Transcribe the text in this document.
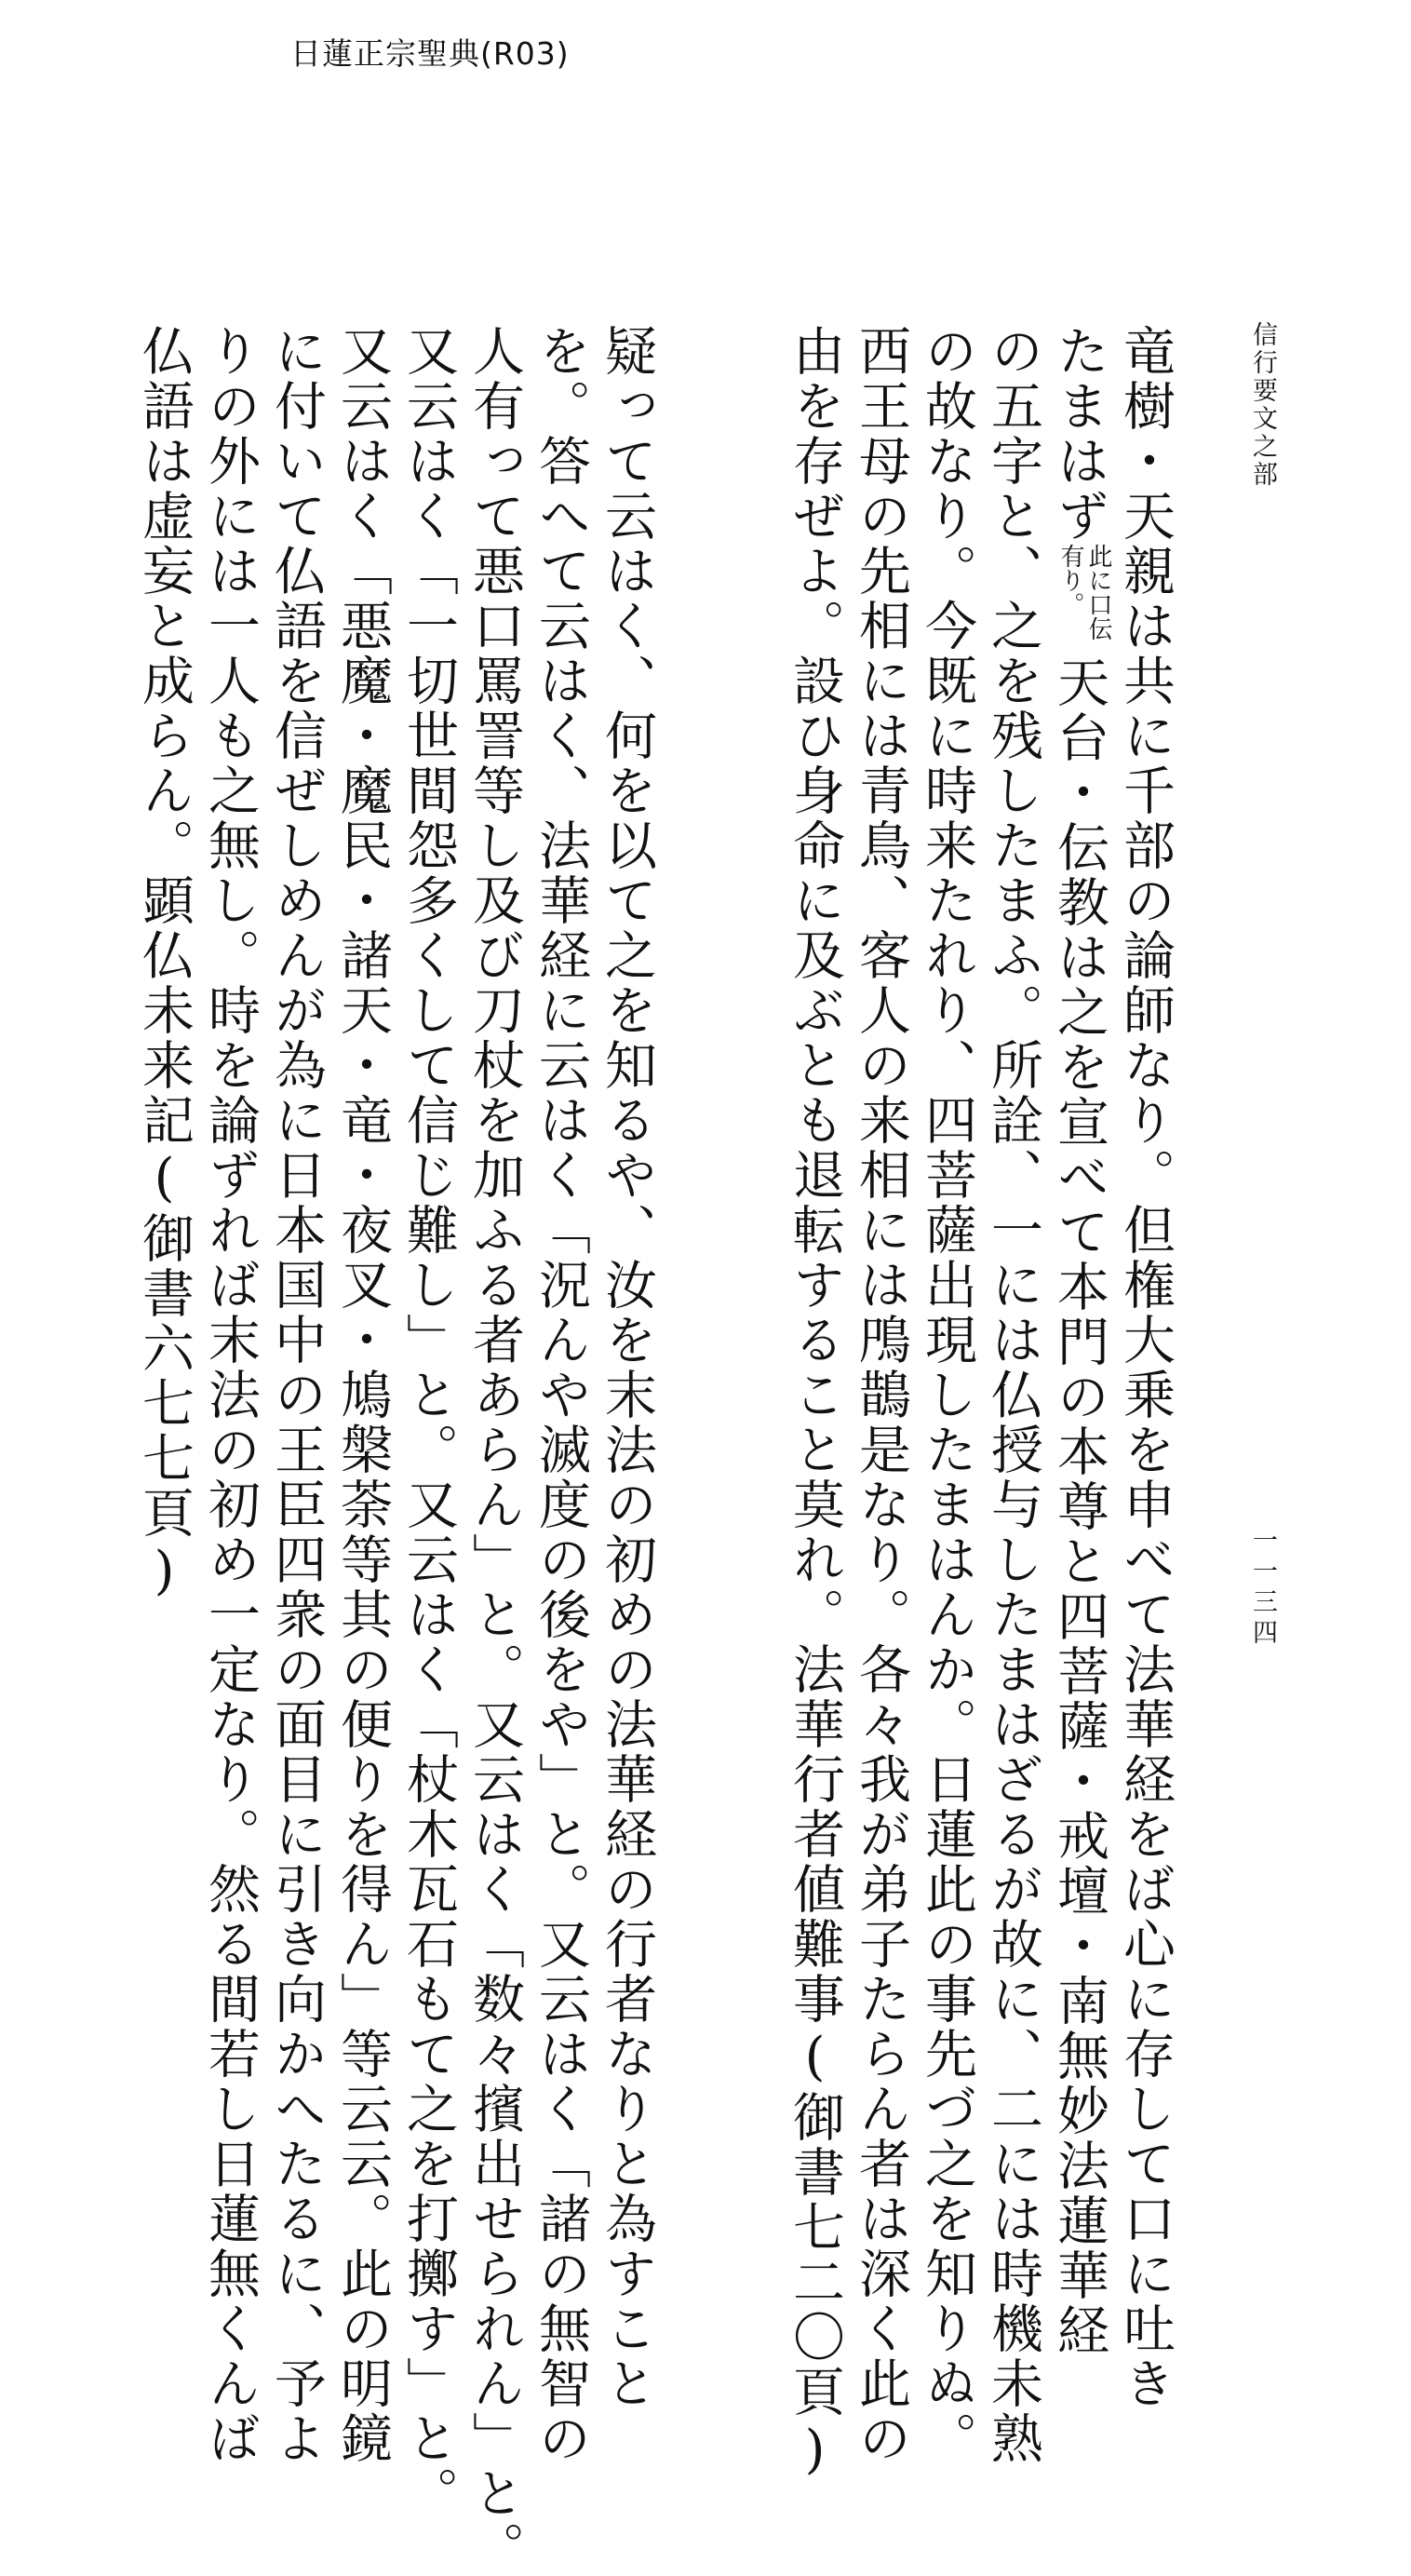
日蓮正宗聖典(R03)
信行要文之部
一一三四
竜樹・天親は共に千部の論師なり。但権大乗を申べて法華経をば心に存して口に吐き
たまはず
此に口伝
有り。
天台・伝教は之を宣べて本門の本尊と四菩薩・戒壇・南無妙法蓮華経
の五字と、之を残したまふ。所詮、一には仏授与したまはざるが故に、二には時機未熟
の故なり。今既に時来たれり、四菩薩出現したまはんか。日蓮此の事先づ之を知りぬ。
西王母の先相には青鳥、客人の来相には鳲鵲是なり。各々我が弟子たらん者は深く此の
由を存ぜよ。設ひ身命に及ぶとも退転すること莫れ。法華行者値難事(御書七二〇頁)
疑って云はく、何を以て之を知るや、汝を末法の初めの法華経の行者なりと為すこと
を。答へて云はく、法華経に云はく「況んや滅度の後をや」と。又云はく「諸の無智の
人有って悪口罵詈等し及び刀杖を加ふる者あらん」と。又云はく「数々擯出せられん」と。
又云はく「一切世間怨多くして信じ難し」と。又云はく「杖木瓦石もて之を打擲す」と。
又云はく「悪魔・魔民・諸天・竜・夜叉・鳩槃荼等其の便りを得ん」等云云。此の明鏡
に付いて仏語を信ぜしめんが為に日本国中の王臣四衆の面目に引き向かへたるに、予よ
りの外には一人も之無し。時を論ずれば末法の初め一定なり。然る間若し日蓮無くんば
仏語は虚妄と成らん。顕仏未来記(御書六七七頁)
